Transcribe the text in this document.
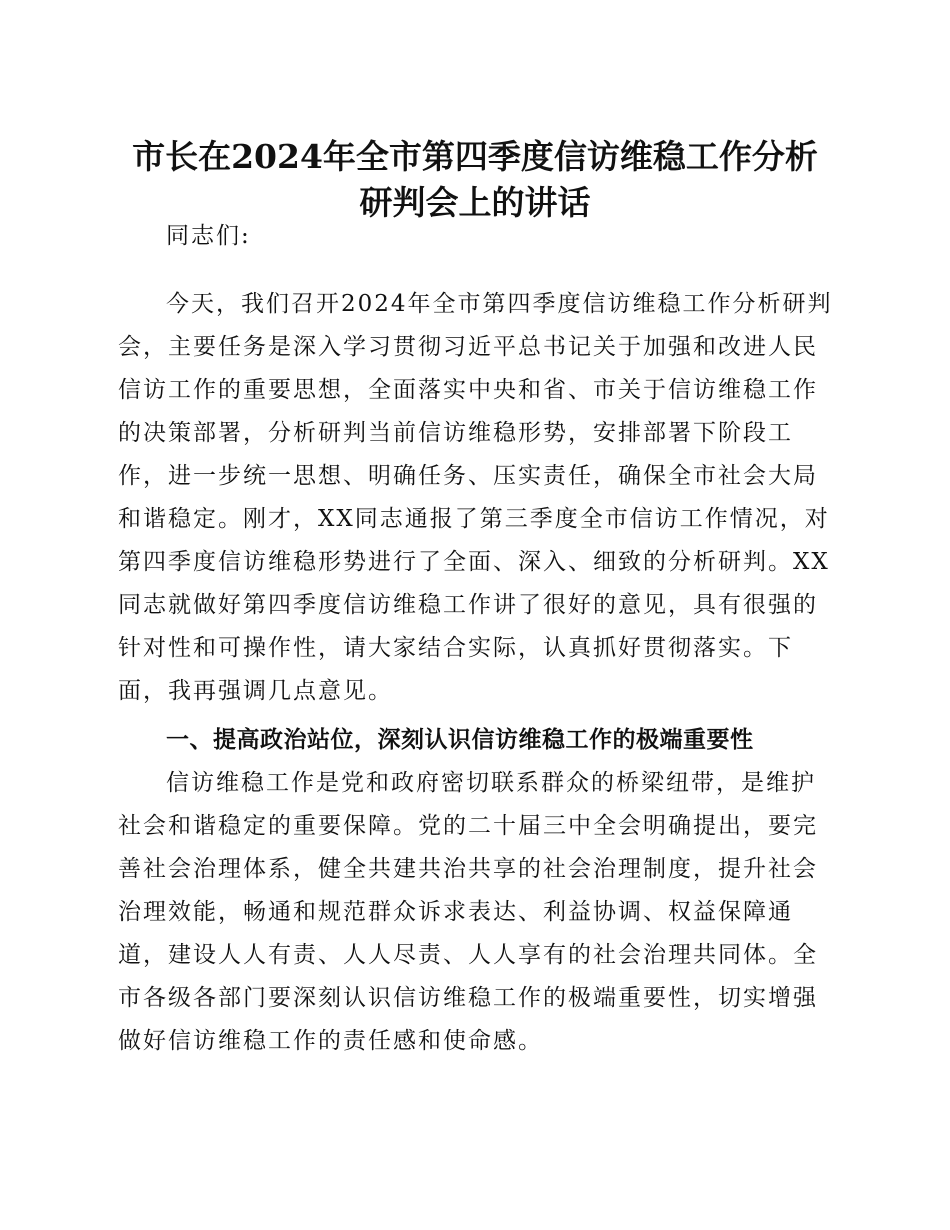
市长在2024年全市第四季度信访维稳工作分析
研判会上的讲话
同志们:
今天，我们召开2024年全市第四季度信访维稳工作分析研判
会，主要任务是深入学习贯彻习近平总书记关于加强和改进人民
信访工作的重要思想，全面落实中央和省、市关于信访维稳工作
的决策部署，分析研判当前信访维稳形势，安排部署下阶段工
作，进一步统一思想、明确任务、压实责任，确保全市社会大局
和谐稳定。刚才，XX同志通报了第三季度全市信访工作情况，对
第四季度信访维稳形势进行了全面、深入、细致的分析研判。XX
同志就做好第四季度信访维稳工作讲了很好的意见，具有很强的
针对性和可操作性，请大家结合实际，认真抓好贯彻落实。下
面，我再强调几点意见。
一、提高政治站位，深刻认识信访维稳工作的极端重要性
信访维稳工作是党和政府密切联系群众的桥梁纽带，是维护
社会和谐稳定的重要保障。党的二十届三中全会明确提出，要完
善社会治理体系，健全共建共治共享的社会治理制度，提升社会
治理效能，畅通和规范群众诉求表达、利益协调、权益保障通
道，建设人人有责、人人尽责、人人享有的社会治理共同体。全
市各级各部门要深刻认识信访维稳工作的极端重要性，切实增强
做好信访维稳工作的责任感和使命感。
